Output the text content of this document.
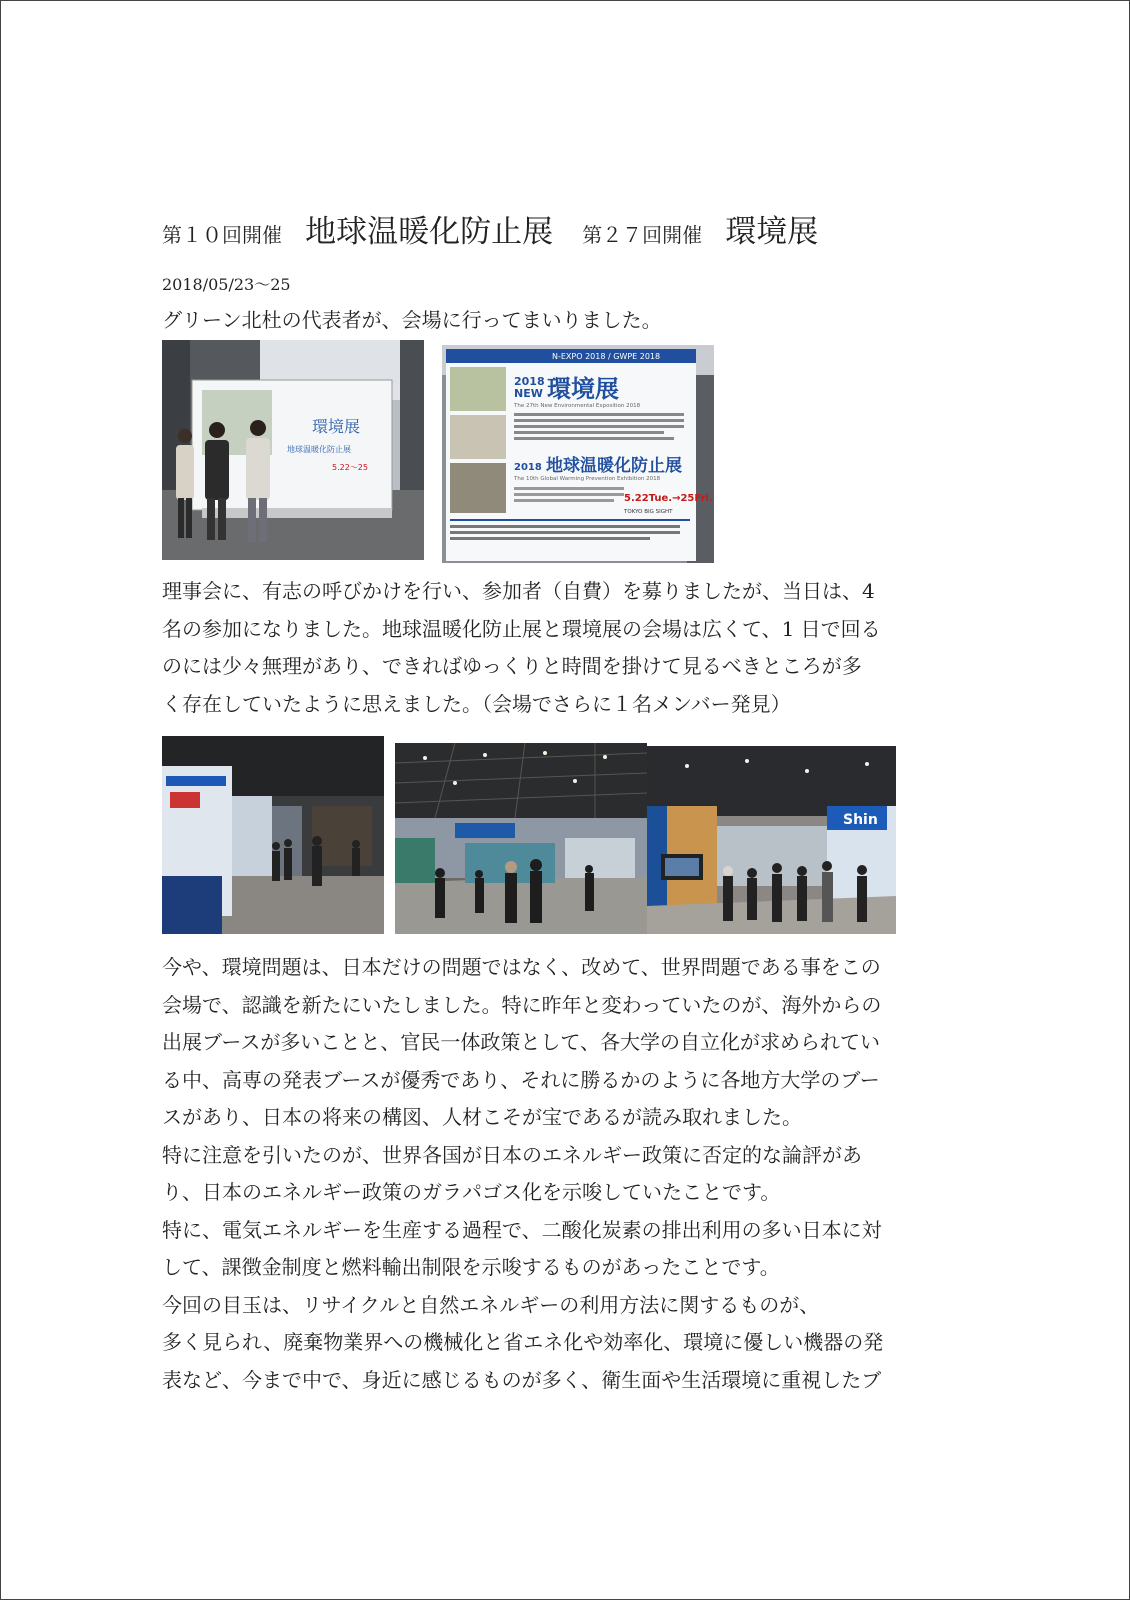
第１０回開催 地球温暖化防止展 第２７回開催 環境展
2018/05/23～25
グリーン北杜の代表者が、会場に行ってまいりました。
環境展
地球温暖化防止展
5.22～25
N-EXPO 2018 / GWPE 2018
2018
NEW 環境展
The 27th New Environmental Exposition 2018
2018 地球温暖化防止展
The 10th Global Warming Prevention Exhibition 2018
5.22Tue.→25Fri.
TOKYO BIG SIGHT
理事会に、有志の呼びかけを行い、参加者（自費）を募りましたが、当日は、4
名の参加になりました。地球温暖化防止展と環境展の会場は広くて、1 日で回る
のには少々無理があり、できればゆっくりと時間を掛けて見るべきところが多
く存在していたように思えました。（会場でさらに１名メンバー発見）
Shin
今や、環境問題は、日本だけの問題ではなく、改めて、世界問題である事をこの
会場で、認識を新たにいたしました。特に昨年と変わっていたのが、海外からの
出展ブースが多いことと、官民一体政策として、各大学の自立化が求められてい
る中、高専の発表ブースが優秀であり、それに勝るかのように各地方大学のブー
スがあり、日本の将来の構図、人材こそが宝であるが読み取れました。
特に注意を引いたのが、世界各国が日本のエネルギー政策に否定的な論評があ
り、日本のエネルギー政策のガラパゴス化を示唆していたことです。
特に、電気エネルギーを生産する過程で、二酸化炭素の排出利用の多い日本に対
して、課徴金制度と燃料輸出制限を示唆するものがあったことです。
今回の目玉は、リサイクルと自然エネルギーの利用方法に関するものが、
多く見られ、廃棄物業界への機械化と省エネ化や効率化、環境に優しい機器の発
表など、今まで中で、身近に感じるものが多く、衛生面や生活環境に重視したブ
